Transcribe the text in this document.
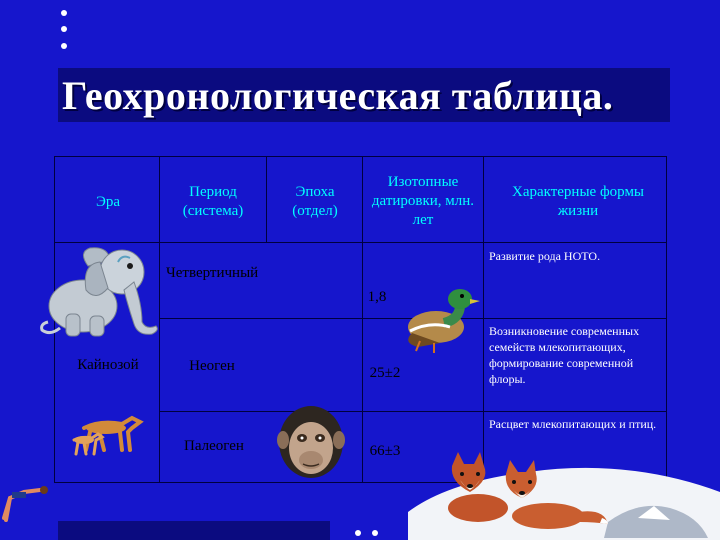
Геохронологическая таблица.
Эра
Период (система)
Эпоха (отдел)
Изотопные датировки, млн. лет
Характерные формы жизни
Кайнозой
Четвертичный
Неоген
Палеоген
1,8
25±2
66±3
Развитие рода НОТО.
Возникновение современных семейств млекопитающих, формирование современной флоры.
Расцвет млекопитающих и птиц.
